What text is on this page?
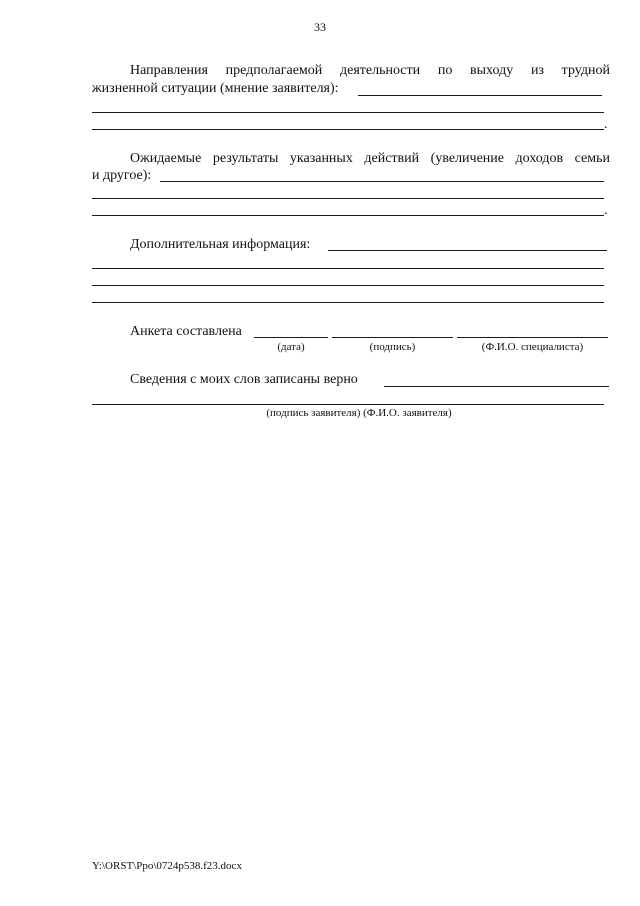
33
Направления предполагаемой деятельности по выходу из трудной
жизненной ситуации (мнение заявителя):
.
Ожидаемые результаты указанных действий (увеличение доходов семьи
и другое):
.
Дополнительная информация:
Анкета составлена
(дата)	(подпись)	(Ф.И.О. специалиста)
Сведения с моих слов записаны верно
(подпись заявителя) (Ф.И.О. заявителя)
Y:\ORST\Ppo\0724p538.f23.docx
